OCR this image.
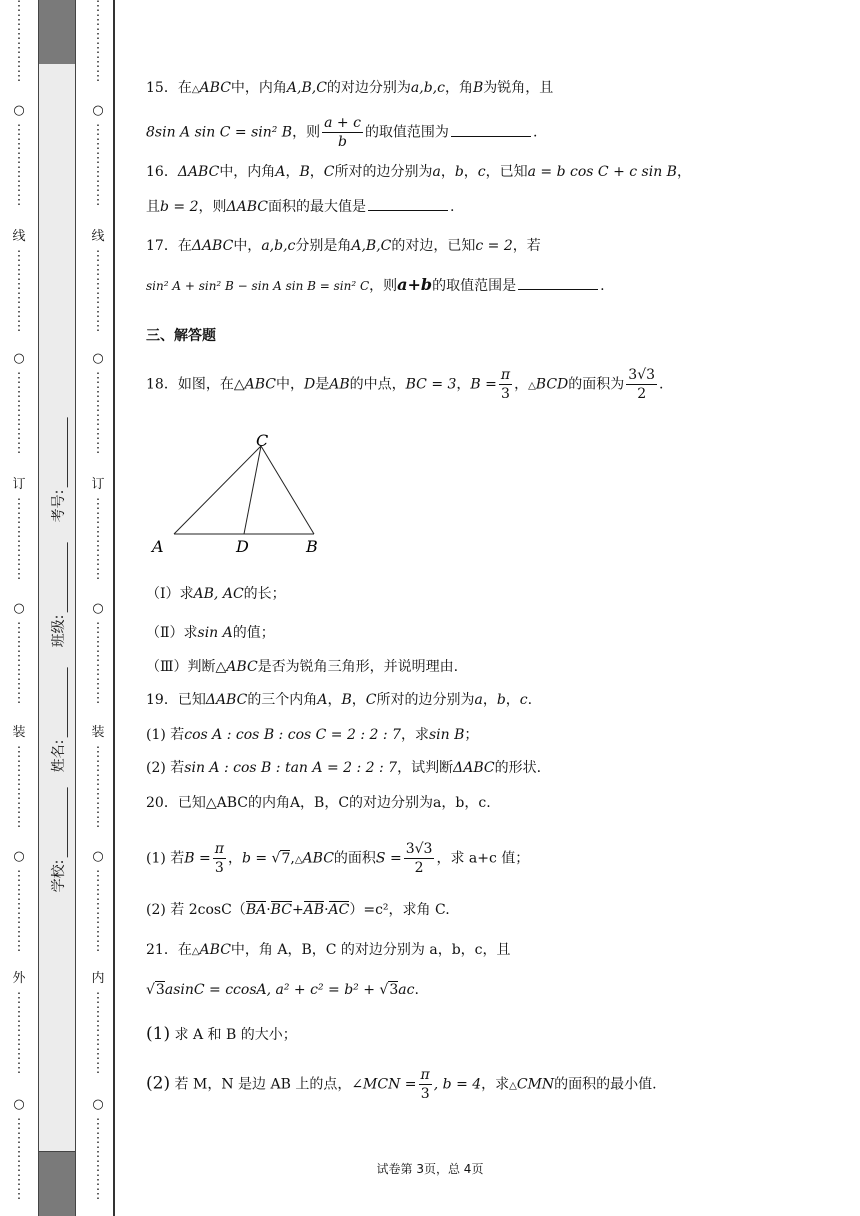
⋮
⋮
⋮
⋮
⋮
⋮

○
⋮
⋮
⋮
⋮
⋮
⋮
线
⋮
⋮
⋮
⋮
⋮
⋮
○
⋮
⋮
⋮
⋮
⋮
⋮
订
⋮
⋮
⋮
⋮
⋮
⋮
○
⋮
⋮
⋮
⋮
⋮
⋮
装
⋮
⋮
⋮
⋮
⋮
⋮
○
⋮
⋮
⋮
⋮
⋮
⋮
外
⋮
⋮
⋮
⋮
⋮
⋮
○
⋮
⋮
⋮
⋮
⋮
⋮
学校:
姓名:
班级:
考号:
⋮
⋮
⋮
⋮
⋮
⋮

○
⋮
⋮
⋮
⋮
⋮
⋮
线
⋮
⋮
⋮
⋮
⋮
⋮
○
⋮
⋮
⋮
⋮
⋮
⋮
订
⋮
⋮
⋮
⋮
⋮
⋮
○
⋮
⋮
⋮
⋮
⋮
⋮
装
⋮
⋮
⋮
⋮
⋮
⋮
○
⋮
⋮
⋮
⋮
⋮
⋮
内
⋮
⋮
⋮
⋮
⋮
⋮
○
⋮
⋮
⋮
⋮
⋮
⋮
15．在△ABC中，内角A,B,C的对边分别为a,b,c，角B为锐角，且
8sin A sin C = sin² B，则 $\frac{a + c}{b}$ 的取值范围为	.
16．ΔABC中，内角A，B，C所对的边分别为a，b，c，已知a = b cos C + c sin B，
且b = 2，则ΔABC面积的最大值是	.
17．在ΔABC中，a,b,c分别是角A,B,C的对边，已知c = 2，若
sin² A + sin² B − sin A sin B = sin² C，则a+b的取值范围是	.
三、解答题
18．如图，在△ABC中，D是AB的中点，BC = 3，$B = \frac{\pi}{3}$ ，△BCD的面积为 $\frac{3√3}{2}$ .
C
A	D	B
（Ⅰ）求AB, AC的长；
（Ⅱ）求sin A的值；
（Ⅲ）判断△ABC是否为锐角三角形，并说明理由.
19．已知ΔABC的三个内角A，B，C所对的边分别为a，b，c.
(1) 若cos A : cos B : cos C = 2 : 2 : 7，求sin B；
(2) 若sin A : cos B : tan A = 2 : 2 : 7，试判断ΔABC的形状.
20．已知△ABC的内角A，B，C的对边分别为a，b，c.
(1) 若$B = \frac{\pi}{3}$ ，b = √7,△ABC的面积$S = \frac{3√3}{2}$ ，求 a+c 值；
(2) 若 2cosC（BA·BC+AB·AC）=c²，求角 C.
21．在△ABC中，角 A，B，C 的对边分别为 a，b，c，且
√3asinC = ccosA, a² + c² = b² + √3ac.
(1) 求 A 和 B 的大小；
(2) 若 M，N 是边 AB 上的点，∠MCN = $\frac{\pi}{3}$ , b = 4，求△CMN的面积的最小值.
试卷第 3页，总 4页
